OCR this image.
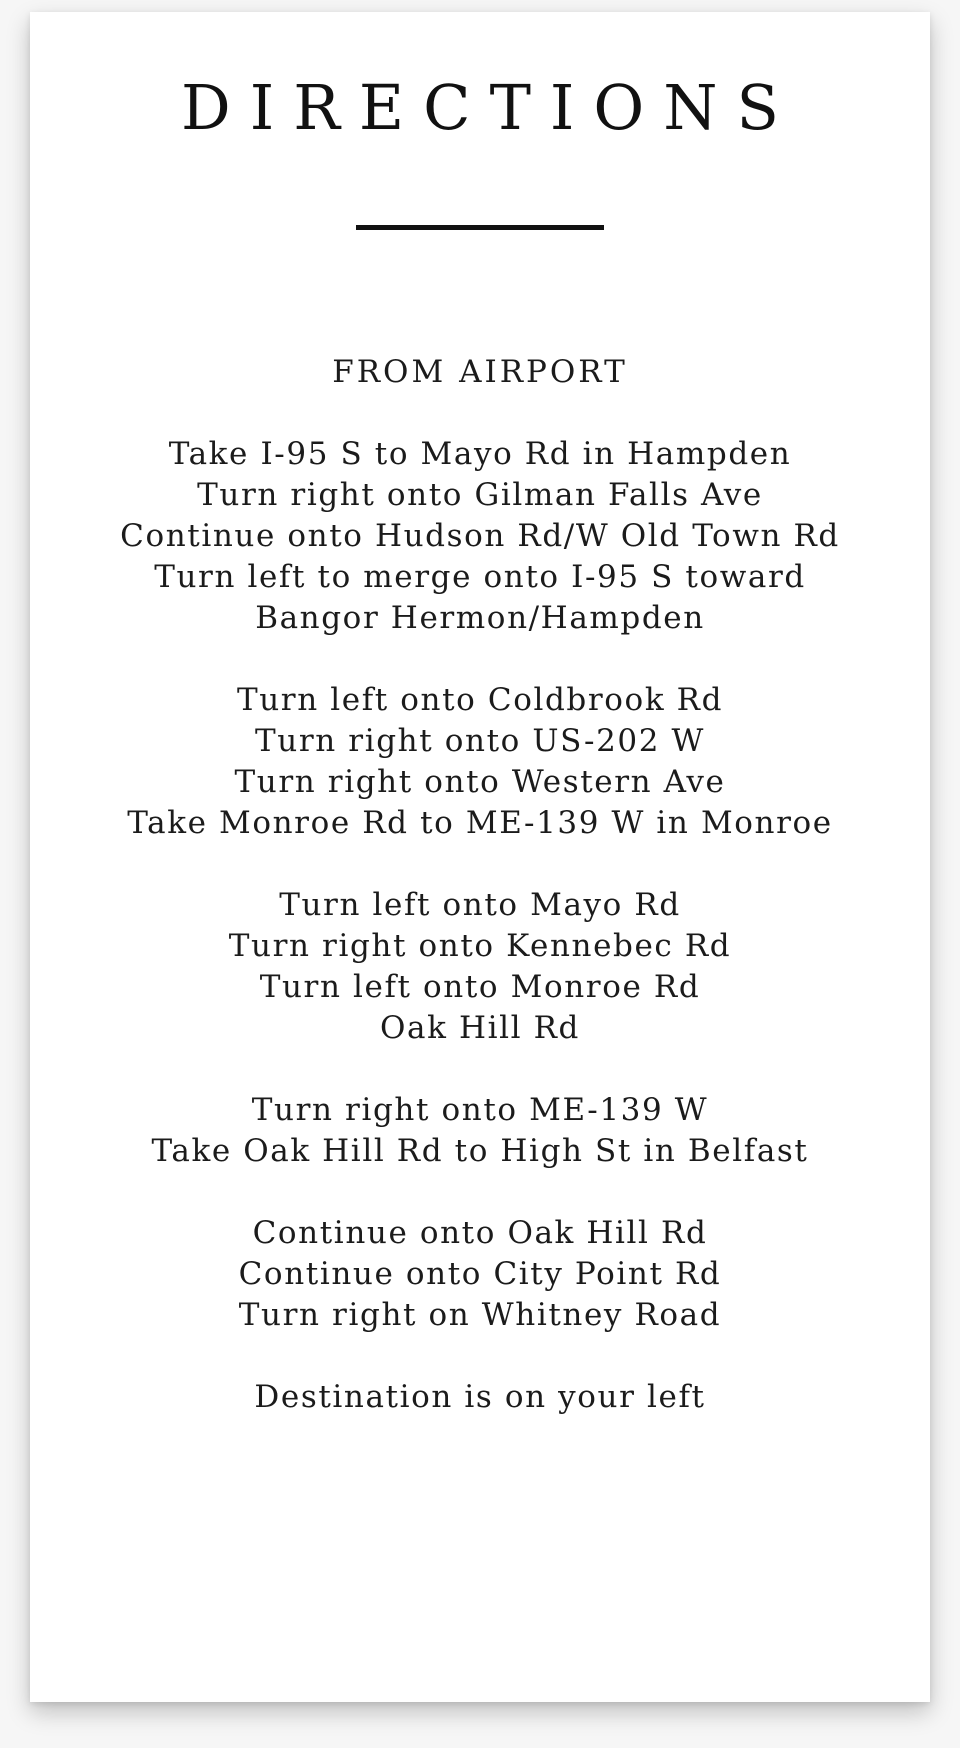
DIRECTIONS
FROM AIRPORT
Take I-95 S to Mayo Rd in Hampden
Turn right onto Gilman Falls Ave
Continue onto Hudson Rd/W Old Town Rd
Turn left to merge onto I-95 S toward
Bangor Hermon/Hampden
Turn left onto Coldbrook Rd
Turn right onto US-202 W
Turn right onto Western Ave
Take Monroe Rd to ME-139 W in Monroe
Turn left onto Mayo Rd
Turn right onto Kennebec Rd
Turn left onto Monroe Rd
Oak Hill Rd
Turn right onto ME-139 W
Take Oak Hill Rd to High St in Belfast
Continue onto Oak Hill Rd
Continue onto City Point Rd
Turn right on Whitney Road
Destination is on your left
